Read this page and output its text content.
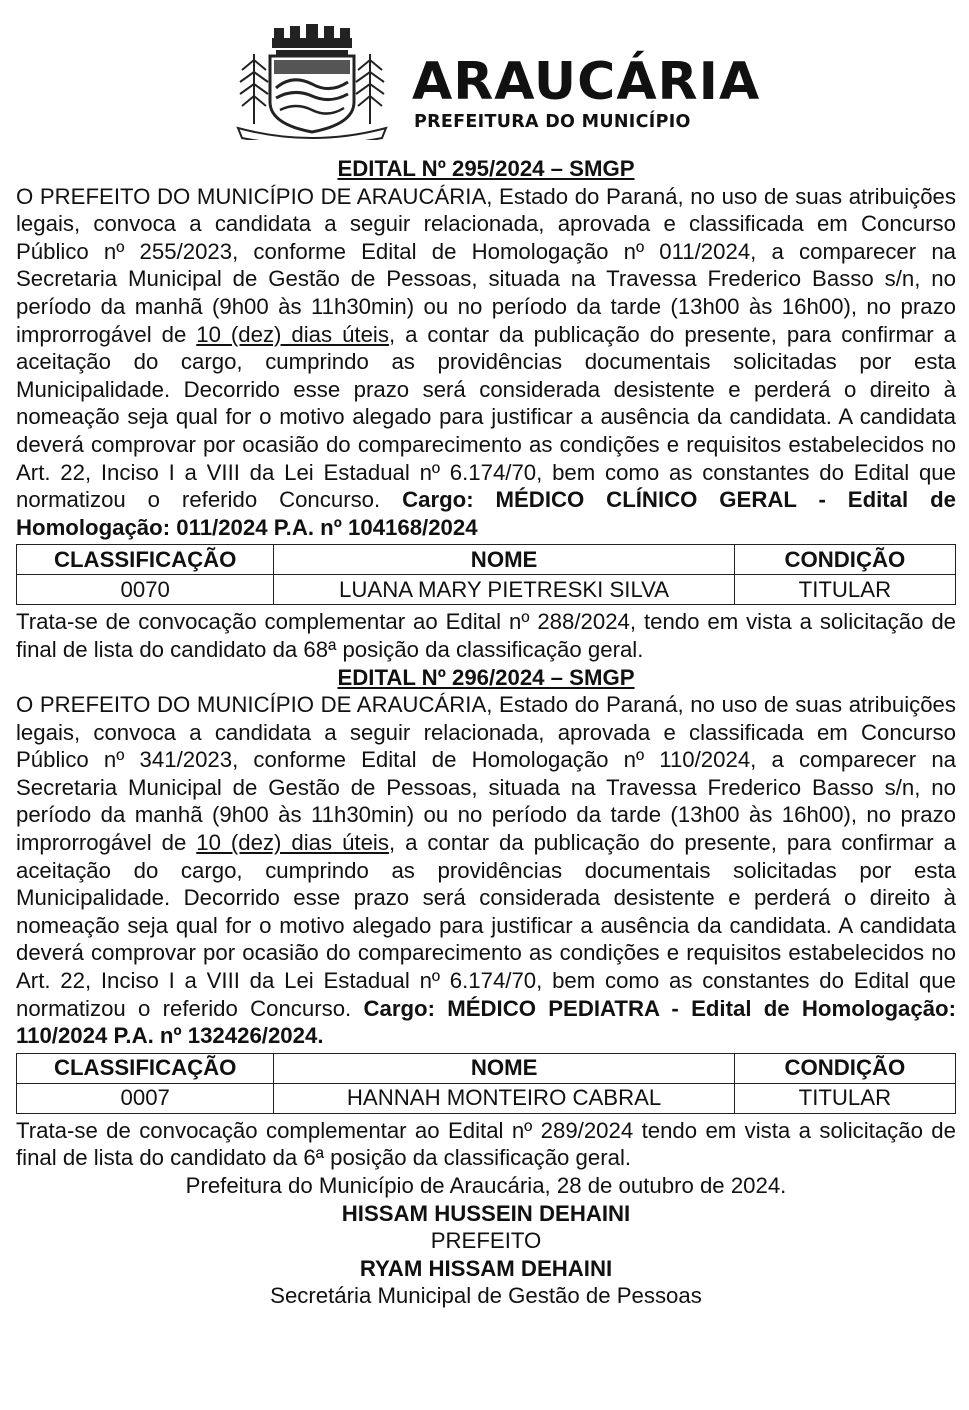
ARAUCÁRIA
PREFEITURA DO MUNICÍPIO

EDITAL Nº 295/2024 – SMGP

O PREFEITO DO MUNICÍPIO DE ARAUCÁRIA, Estado do Paraná, no uso de suas atribuições legais, convoca a candidata a seguir relacionada, aprovada e classificada em Concurso Público nº 255/2023, conforme Edital de Homologação nº 011/2024, a comparecer na Secretaria Municipal de Gestão de Pessoas, situada na Travessa Frederico Basso s/n, no período da manhã (9h00 às 11h30min) ou no período da tarde (13h00 às 16h00), no prazo improrrogável de 10 (dez) dias úteis, a contar da publicação do presente, para confirmar a aceitação do cargo, cumprindo as providências documentais solicitadas por esta Municipalidade. Decorrido esse prazo será considerada desistente e perderá o direito à nomeação seja qual for o motivo alegado para justificar a ausência da candidata. A candidata deverá comprovar por ocasião do comparecimento as condições e requisitos estabelecidos no Art. 22, Inciso I a VIII da Lei Estadual nº 6.174/70, bem como as constantes do Edital que normatizou o referido Concurso. Cargo: MÉDICO CLÍNICO GERAL - Edital de Homologação: 011/2024 P.A. nº 104168/2024

CLASSIFICAÇÃO	NOME	CONDIÇÃO
0070	LUANA MARY PIETRESKI SILVA	TITULAR

Trata-se de convocação complementar ao Edital nº 288/2024, tendo em vista a solicitação de final de lista do candidato da 68ª posição da classificação geral.

EDITAL Nº 296/2024 – SMGP

O PREFEITO DO MUNICÍPIO DE ARAUCÁRIA, Estado do Paraná, no uso de suas atribuições legais, convoca a candidata a seguir relacionada, aprovada e classificada em Concurso Público nº 341/2023, conforme Edital de Homologação nº 110/2024, a comparecer na Secretaria Municipal de Gestão de Pessoas, situada na Travessa Frederico Basso s/n, no período da manhã (9h00 às 11h30min) ou no período da tarde (13h00 às 16h00), no prazo improrrogável de 10 (dez) dias úteis, a contar da publicação do presente, para confirmar a aceitação do cargo, cumprindo as providências documentais solicitadas por esta Municipalidade. Decorrido esse prazo será considerada desistente e perderá o direito à nomeação seja qual for o motivo alegado para justificar a ausência da candidata. A candidata deverá comprovar por ocasião do comparecimento as condições e requisitos estabelecidos no Art. 22, Inciso I a VIII da Lei Estadual nº 6.174/70, bem como as constantes do Edital que normatizou o referido Concurso. Cargo: MÉDICO PEDIATRA - Edital de Homologação: 110/2024 P.A. nº 132426/2024.

CLASSIFICAÇÃO	NOME	CONDIÇÃO
0007	HANNAH MONTEIRO CABRAL	TITULAR

Trata-se de convocação complementar ao Edital nº 289/2024 tendo em vista a solicitação de final de lista do candidato da 6ª posição da classificação geral.

Prefeitura do Município de Araucária, 28 de outubro de 2024.

HISSAM HUSSEIN DEHAINI

PREFEITO

RYAM HISSAM DEHAINI

Secretária Municipal de Gestão de Pessoas
